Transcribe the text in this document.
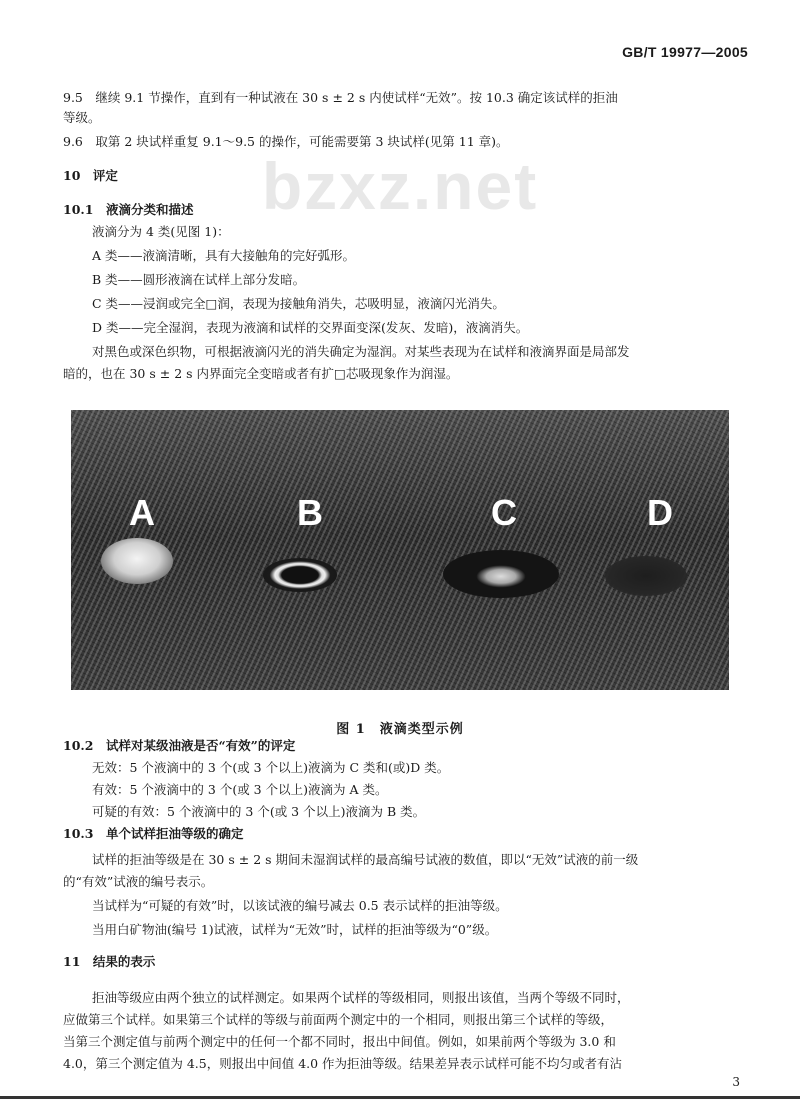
GB/T 19977—2005
bzxz.net
9.5　继续 9.1 节操作，直到有一种试液在 30 s ± 2 s 内使试样“无效”。按 10.3 确定该试样的拒油
等级。
9.6　取第 2 块试样重复 9.1～9.5 的操作，可能需要第 3 块试样(见第 11 章)。
10　评定
10.1　液滴分类和描述
液滴分为 4 类(见图 1)：
A 类——液滴清晰，具有大接触角的完好弧形。
B 类——圆形液滴在试样上部分发暗。
C 类——浸润或完全□润，表现为接触角消失，芯吸明显，液滴闪光消失。
D 类——完全湿润，表现为液滴和试样的交界面变深(发灰、发暗)，液滴消失。
对黑色或深色织物，可根据液滴闪光的消失确定为湿润。对某些表现为在试样和液滴界面是局部发
暗的，也在 30 s ± 2 s 内界面完全变暗或者有扩□芯吸现象作为润湿。
A	B	C	D
图 1　液滴类型示例
10.2　试样对某级油液是否“有效”的评定
无效：5 个液滴中的 3 个(或 3 个以上)液滴为 C 类和(或)D 类。
有效：5 个液滴中的 3 个(或 3 个以上)液滴为 A 类。
可疑的有效：5 个液滴中的 3 个(或 3 个以上)液滴为 B 类。
10.3　单个试样拒油等级的确定
试样的拒油等级是在 30 s ± 2 s 期间未湿润试样的最高编号试液的数值，即以“无效”试液的前一级
的“有效”试液的编号表示。
当试样为“可疑的有效”时，以该试液的编号减去 0.5 表示试样的拒油等级。
当用白矿物油(编号 1)试液，试样为“无效”时，试样的拒油等级为“0”级。
11　结果的表示
拒油等级应由两个独立的试样测定。如果两个试样的等级相同，则报出该值，当两个等级不同时，
应做第三个试样。如果第三个试样的等级与前面两个测定中的一个相同，则报出第三个试样的等级，
当第三个测定值与前两个测定中的任何一个都不同时，报出中间值。例如，如果前两个等级为 3.0 和
4.0，第三个测定值为 4.5，则报出中间值 4.0 作为拒油等级。结果差异表示试样可能不均匀或者有沾
3
